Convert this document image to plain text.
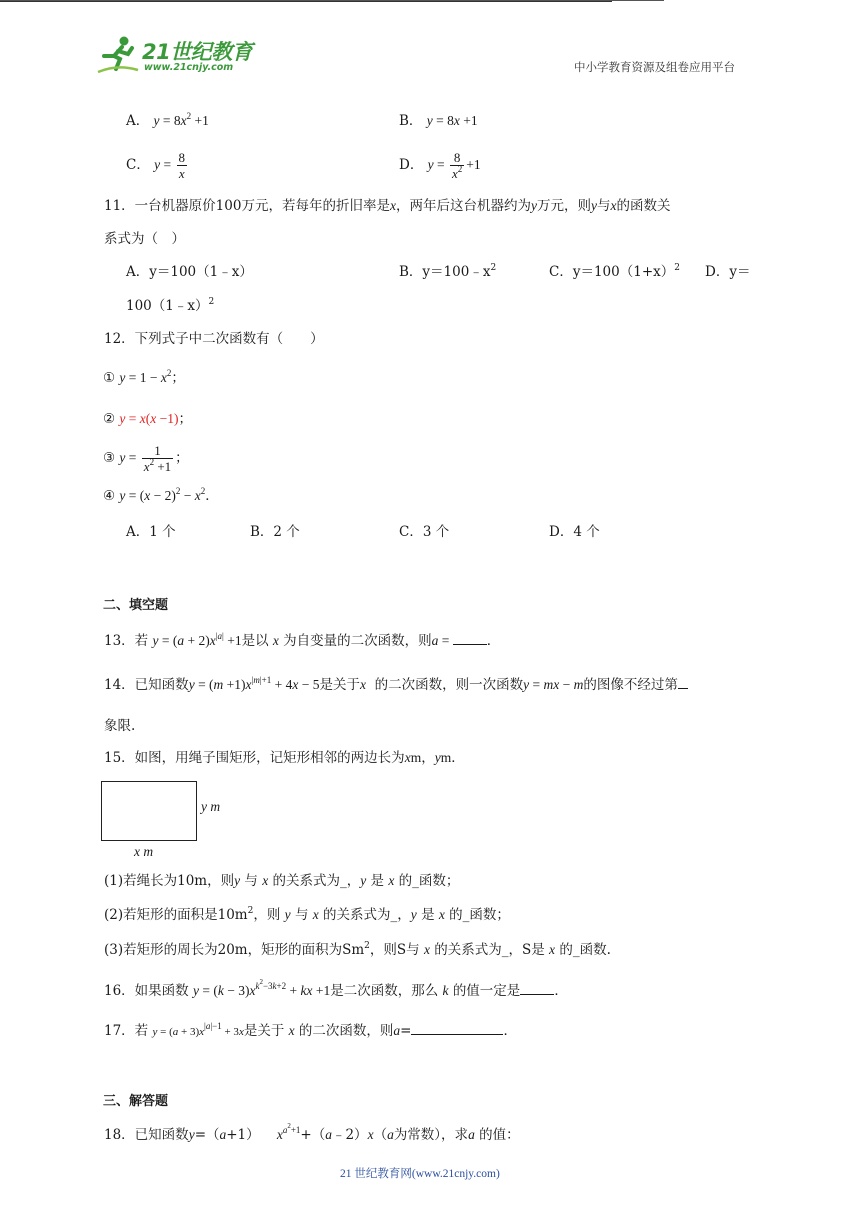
21世纪教育
www.21cnjy.com	中小学教育资源及组卷应用平台
A． $y = 8x^2 +1$	B． y = 8x +1
C． $y = \frac{8}{x}$	D． $y = \frac{8}{x^2} +1$
11．一台机器原价100万元，若每年的折旧率是x，两年后这台机器约为y万元，则y与x的函数关
系式为（　）
A．y＝100（1﹣x）	B．$y=100﹣x^2$	C．$y=100(1+x)^2$ D．y＝
100（1﹣x）$^2$
12．下列式子中二次函数有（　　）
① $y = 1 - x^2$；
② y = x(x −1)；
③ $y = \frac{1}{x^2 +1}$ ；
④ $y = (x - 2)^2 - x^2$．
A．1 个	B．2 个	C．3 个	D．4 个
二、填空题
13．若 $y = (a + 2)x^{|a|} +1$是以 x 为自变量的二次函数，则a =	．
14．已知函数$y = (m +1)x^{|m|+1} + 4x - 5$是关于x 的二次函数，则一次函数y = mx − m的图像不经过第
象限.
15．如图，用绳子围矩形，记矩形相邻的两边长为xm，ym．
y m
x m
(1)若绳长为10m，则y 与 x 的关系式为_，y 是 x 的_函数；
(2)若矩形的面积是$10m^2$，则 y 与 x 的关系式为_，y 是 x 的_函数；
(3)若矩形的周长为20m，矩形的面积为Sm$^2$，则S与 x 的关系式为_，S是 x 的_函数.
16．如果函数 $y = (k - 3)x^{k^2-3k+2}$ + kx +1是二次函数，那么 k 的值一定是	．
17．若 $y = (a + 3)x^{|a|-1} + 3x$是关于 x 的二次函数，则a=	．
三、解答题
18．已知函数y=（a+1）    $x^{a^2+1}+(a﹣2)x(a$为常数），求a 的值：
21 世纪教育网(www.21cnjy.com)
